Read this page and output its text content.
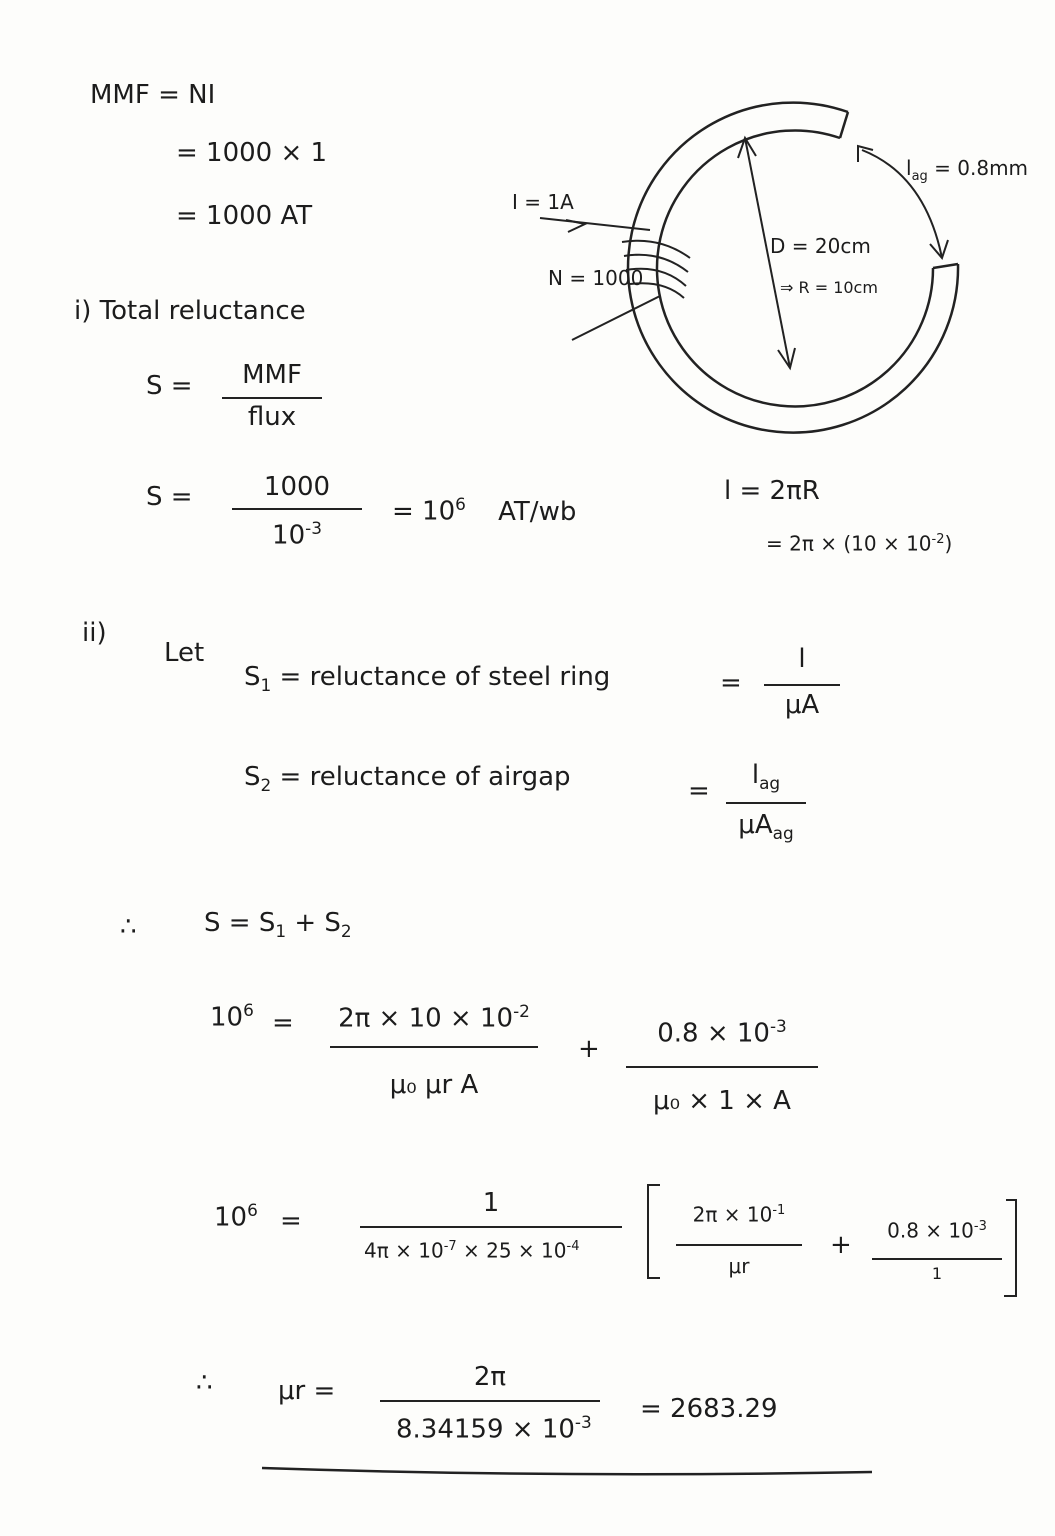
MMF = NI
= 1000 × 1
= 1000 AT	I = 1A
N = 1000
D = 20cm
⇒ R = 10cm
$l_{ag} = 0.8mm$
i) Total reluctance
S =	MMF
flux
S =	1000
$10^{-3}$
= $10^6$ AT/wb
l = 2πR
= $2\pi \times (10 \times 10^{-2})$
ii)
Let
$S_1$ = reluctance of steel ring	=
l
μA
$S_2$ = reluctance of airgap	=
$l_{ag}$
$\mu A_{ag}$
∴	$S = S_1 + S_2$
$10^6$ =	$2\pi \times 10 \times 10^{-2}$
μ₀ μr A
+
$0.8 \times 10^{-3}$
μ₀ × 1 × A
$10^6$ =
1
$4\pi \times 10^{-7} \times 25 \times 10^{-4}$
$2\pi \times 10^{-1}$
μr
+	$0.8 \times 10^{-3}$
1
∴	μr =	2π
$8.34159 \times 10^{-3} = 2683.29$
